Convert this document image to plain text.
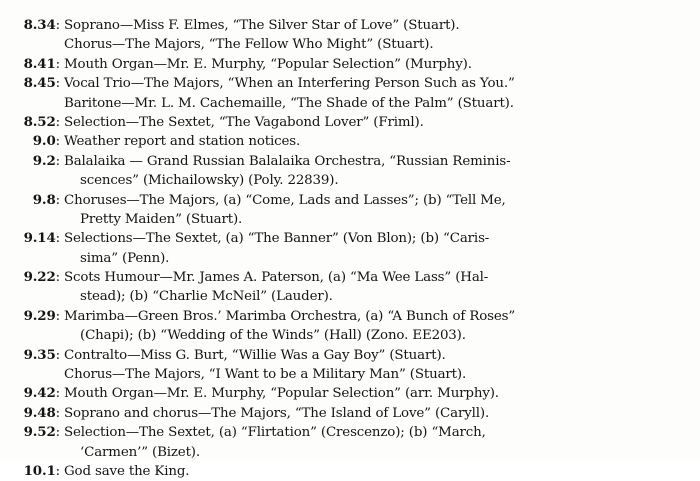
8.34 : Soprano—Miss F. Elmes, “The Silver Star of Love” (Stuart).
Chorus—The Majors, “The Fellow Who Might” (Stuart).
8.41 : Mouth Organ—Mr. E. Murphy, “Popular Selection” (Murphy).
8.45 : Vocal Trio—The Majors, “When an Interfering Person Such as You.”
Baritone—Mr. L. M. Cachemaille, “The Shade of the Palm” (Stuart).
8.52 : Selection—The Sextet, “The Vagabond Lover” (Friml).
9.0 : Weather report and station notices.
9.2 : Balalaika — Grand Russian Balalaika Orchestra, “Russian Reminis-
scences” (Michailowsky) (Poly. 22839).
9.8 : Choruses—The Majors, (a) “Come, Lads and Lasses”; (b) “Tell Me,
Pretty Maiden” (Stuart).
9.14 : Selections—The Sextet, (a) “The Banner” (Von Blon); (b) “Caris-
sima” (Penn).
9.22 : Scots Humour—Mr. James A. Paterson, (a) “Ma Wee Lass” (Hal-
stead); (b) “Charlie McNeil” (Lauder).
9.29 : Marimba—Green Bros.’ Marimba Orchestra, (a) “A Bunch of Roses”
(Chapi); (b) “Wedding of the Winds” (Hall) (Zono. EE203).
9.35 : Contralto—Miss G. Burt, “Willie Was a Gay Boy” (Stuart).
Chorus—The Majors, “I Want to be a Military Man” (Stuart).
9.42 : Mouth Organ—Mr. E. Murphy, “Popular Selection” (arr. Murphy).
9.48 : Soprano and chorus—The Majors, “The Island of Love” (Caryll).
9.52 : Selection—The Sextet, (a) “Flirtation” (Crescenzo); (b) “March,
‘Carmen’” (Bizet).
10.1 : God save the King.
